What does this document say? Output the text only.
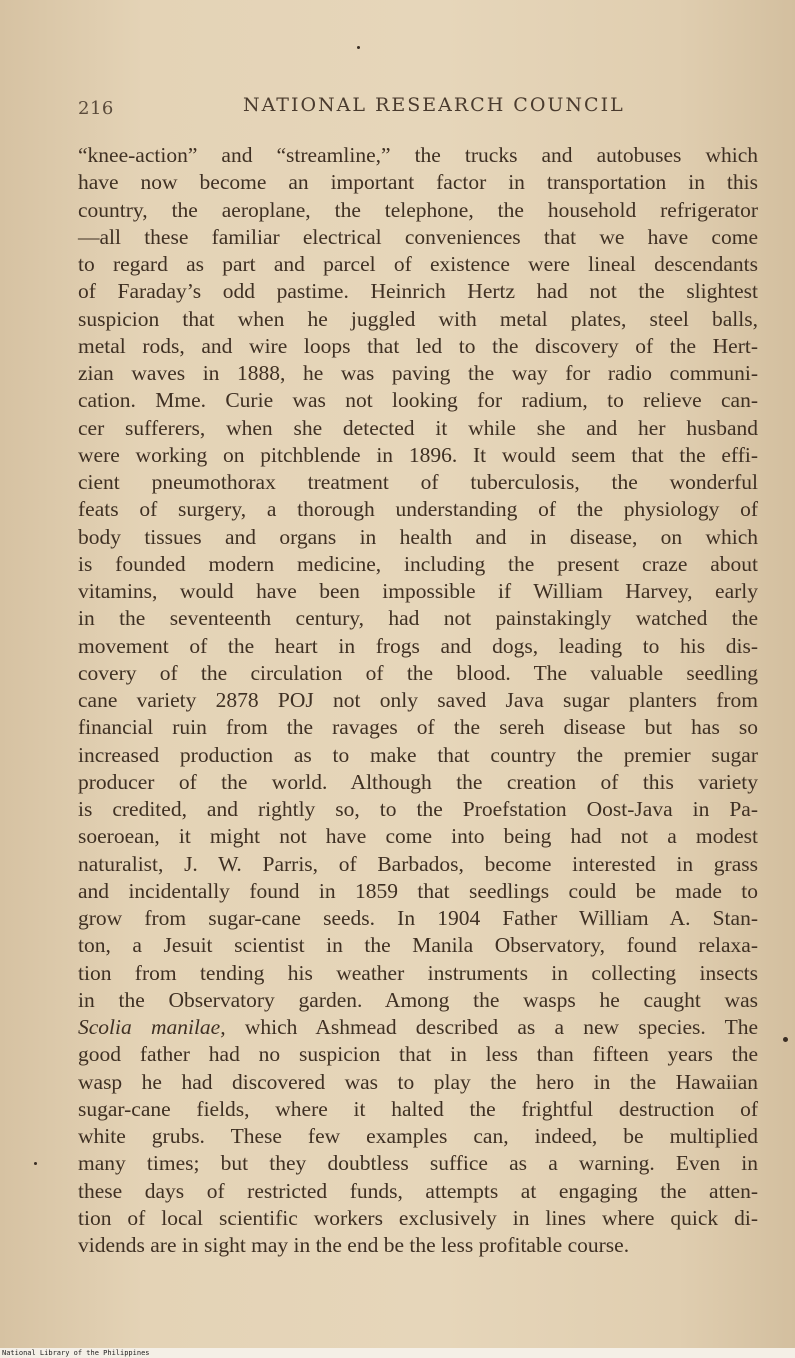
216	NATIONAL RESEARCH COUNCIL
“knee-action” and “streamline,” the trucks and autobuses which
have now become an important factor in transportation in this
country, the aeroplane, the telephone, the household refrigerator
—all these familiar electrical conveniences that we have come
to regard as part and parcel of existence were lineal descendants
of Faraday’s odd pastime. Heinrich Hertz had not the slightest
suspicion that when he juggled with metal plates, steel balls,
metal rods, and wire loops that led to the discovery of the Hert-
zian waves in 1888, he was paving the way for radio communi-
cation. Mme. Curie was not looking for radium, to relieve can-
cer sufferers, when she detected it while she and her husband
were working on pitchblende in 1896. It would seem that the effi-
cient pneumothorax treatment of tuberculosis, the wonderful
feats of surgery, a thorough understanding of the physiology of
body tissues and organs in health and in disease, on which
is founded modern medicine, including the present craze about
vitamins, would have been impossible if William Harvey, early
in the seventeenth century, had not painstakingly watched the
movement of the heart in frogs and dogs, leading to his dis-
covery of the circulation of the blood. The valuable seedling
cane variety 2878 POJ not only saved Java sugar planters from
financial ruin from the ravages of the sereh disease but has so
increased production as to make that country the premier sugar
producer of the world. Although the creation of this variety
is credited, and rightly so, to the Proefstation Oost-Java in Pa-
soeroean, it might not have come into being had not a modest
naturalist, J. W. Parris, of Barbados, become interested in grass
and incidentally found in 1859 that seedlings could be made to
grow from sugar-cane seeds. In 1904 Father William A. Stan-
ton, a Jesuit scientist in the Manila Observatory, found relaxa-
tion from tending his weather instruments in collecting insects
in the Observatory garden. Among the wasps he caught was
Scolia manilae, which Ashmead described as a new species. The
good father had no suspicion that in less than fifteen years the
wasp he had discovered was to play the hero in the Hawaiian
sugar-cane fields, where it halted the frightful destruction of
white grubs. These few examples can, indeed, be multiplied
many times; but they doubtless suffice as a warning. Even in
these days of restricted funds, attempts at engaging the atten-
tion of local scientific workers exclusively in lines where quick di-
vidends are in sight may in the end be the less profitable course.
National Library of the Philippines
